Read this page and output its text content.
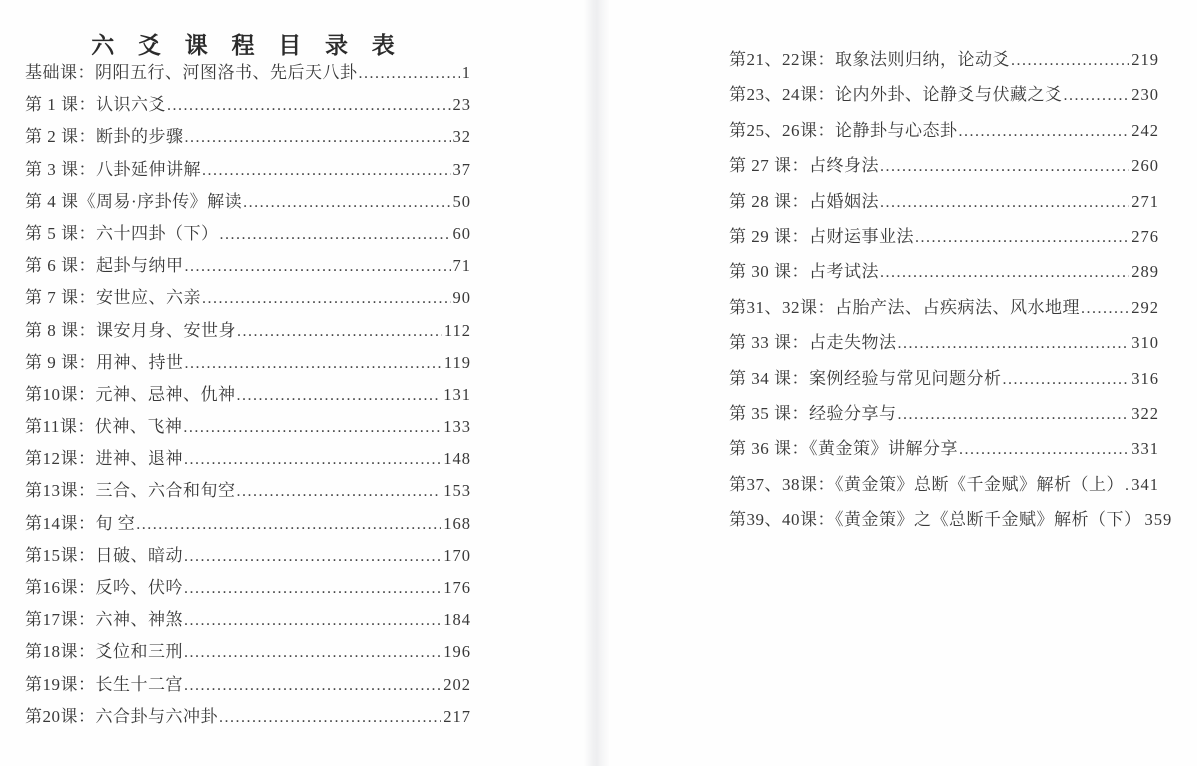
六 爻 课 程 目 录 表
基础课：阴阳五行、河图洛书、先后天八卦 .....	1
第 1 课：认识六爻 .....	23
第 2 课：断卦的步骤 .....	32
第 3 课：八卦延伸讲解 .....	37
第 4 课《周易·序卦传》解读 .....	50
第 5 课：六十四卦（下） .....	60
第 6 课：起卦与纳甲 .....	71
第 7 课：安世应、六亲 .....	90
第 8 课：课安月身、安世身 .....	112
第 9 课：用神、持世 .....	119
第10课：元神、忌神、仇神 .....	131
第11课：伏神、飞神 .....	133
第12课：进神、退神 .....	148
第13课：三合、六合和旬空 .....	153
第14课：旬 空 .....	168
第15课：日破、暗动 .....	170
第16课：反吟、伏吟 .....	176
第17课：六神、神煞 .....	184
第18课：爻位和三刑 .....	196
第19课：长生十二宫 .....	202
第20课：六合卦与六冲卦 .....	217
第21、22课：取象法则归纳，论动爻 .....	219
第23、24课：论内外卦、论静爻与伏藏之爻 .....	230
第25、26课：论静卦与心态卦 .....	242
第 27 课：占终身法 .....	260
第 28 课：占婚姻法 .....	271
第 29 课：占财运事业法 .....	276
第 30 课：占考试法 .....	289
第31、32课：占胎产法、占疾病法、风水地理 .....	292
第 33 课：占走失物法 .....	310
第 34 课：案例经验与常见问题分析 .....	316
第 35 课：经验分享与 .....	322
第 36 课：《黄金策》讲解分享 .....	331
第37、38课：《黄金策》总断《千金赋》解析（上） ..... 341
第39、40课：《黄金策》之《总断千金赋》解析（下） 359
